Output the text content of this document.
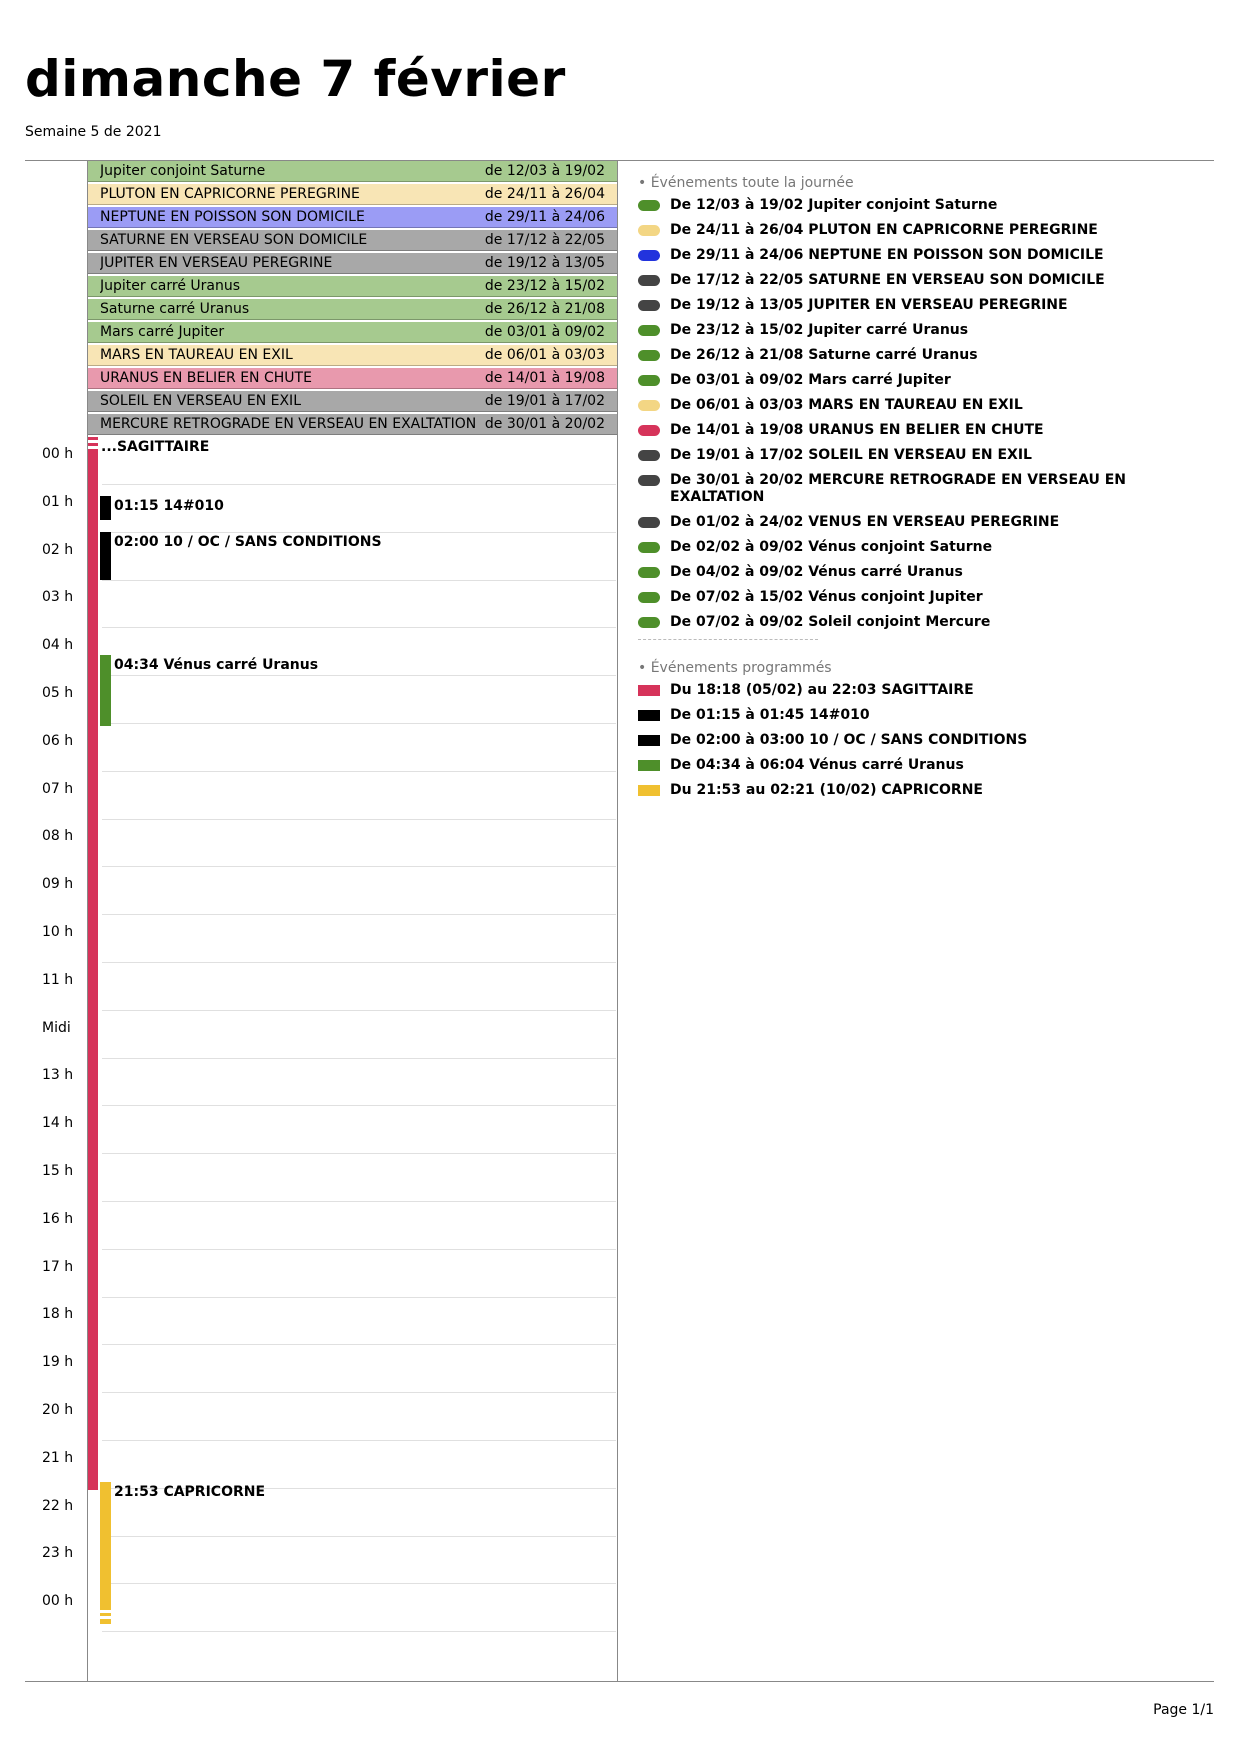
dimanche 7 février
Semaine 5 de 2021
Jupiter conjoint Saturne	de 12/03 à 19/02
PLUTON EN CAPRICORNE PEREGRINE	de 24/11 à 26/04
NEPTUNE EN POISSON SON DOMICILE	de 29/11 à 24/06
SATURNE EN VERSEAU SON DOMICILE	de 17/12 à 22/05
JUPITER EN VERSEAU PEREGRINE	de 19/12 à 13/05
Jupiter carré Uranus	de 23/12 à 15/02
Saturne carré Uranus	de 26/12 à 21/08
Mars carré Jupiter	de 03/01 à 09/02
MARS EN TAUREAU EN EXIL	de 06/01 à 03/03
URANUS EN BELIER EN CHUTE	de 14/01 à 19/08
SOLEIL EN VERSEAU EN EXIL	de 19/01 à 17/02
MERCURE RETROGRADE EN VERSEAU EN EXALTATION de 30/01 à 20/02
00 h
01 h
02 h
03 h
04 h
05 h
06 h
07 h
08 h
09 h
10 h
11 h
Midi
13 h
14 h
15 h
16 h
17 h
18 h
19 h
20 h
21 h
22 h
23 h
00 h
...SAGITTAIRE
01:15 14#010
02:00 10 / OC / SANS CONDITIONS
04:34 Vénus carré Uranus
21:53 CAPRICORNE
• Événements toute la journée
De 12/03 à 19/02 Jupiter conjoint Saturne
De 24/11 à 26/04 PLUTON EN CAPRICORNE PEREGRINE
De 29/11 à 24/06 NEPTUNE EN POISSON SON DOMICILE
De 17/12 à 22/05 SATURNE EN VERSEAU SON DOMICILE
De 19/12 à 13/05 JUPITER EN VERSEAU PEREGRINE
De 23/12 à 15/02 Jupiter carré Uranus
De 26/12 à 21/08 Saturne carré Uranus
De 03/01 à 09/02 Mars carré Jupiter
De 06/01 à 03/03 MARS EN TAUREAU EN EXIL
De 14/01 à 19/08 URANUS EN BELIER EN CHUTE
De 19/01 à 17/02 SOLEIL EN VERSEAU EN EXIL
De 30/01 à 20/02 MERCURE RETROGRADE EN VERSEAU EN EXALTATION
De 01/02 à 24/02 VENUS EN VERSEAU PEREGRINE
De 02/02 à 09/02 Vénus conjoint Saturne
De 04/02 à 09/02 Vénus carré Uranus
De 07/02 à 15/02 Vénus conjoint Jupiter
De 07/02 à 09/02 Soleil conjoint Mercure
• Événements programmés
Du 18:18 (05/02) au 22:03 SAGITTAIRE
De 01:15 à 01:45 14#010
De 02:00 à 03:00 10 / OC / SANS CONDITIONS
De 04:34 à 06:04 Vénus carré Uranus
Du 21:53 au 02:21 (10/02) CAPRICORNE
Page 1/1
